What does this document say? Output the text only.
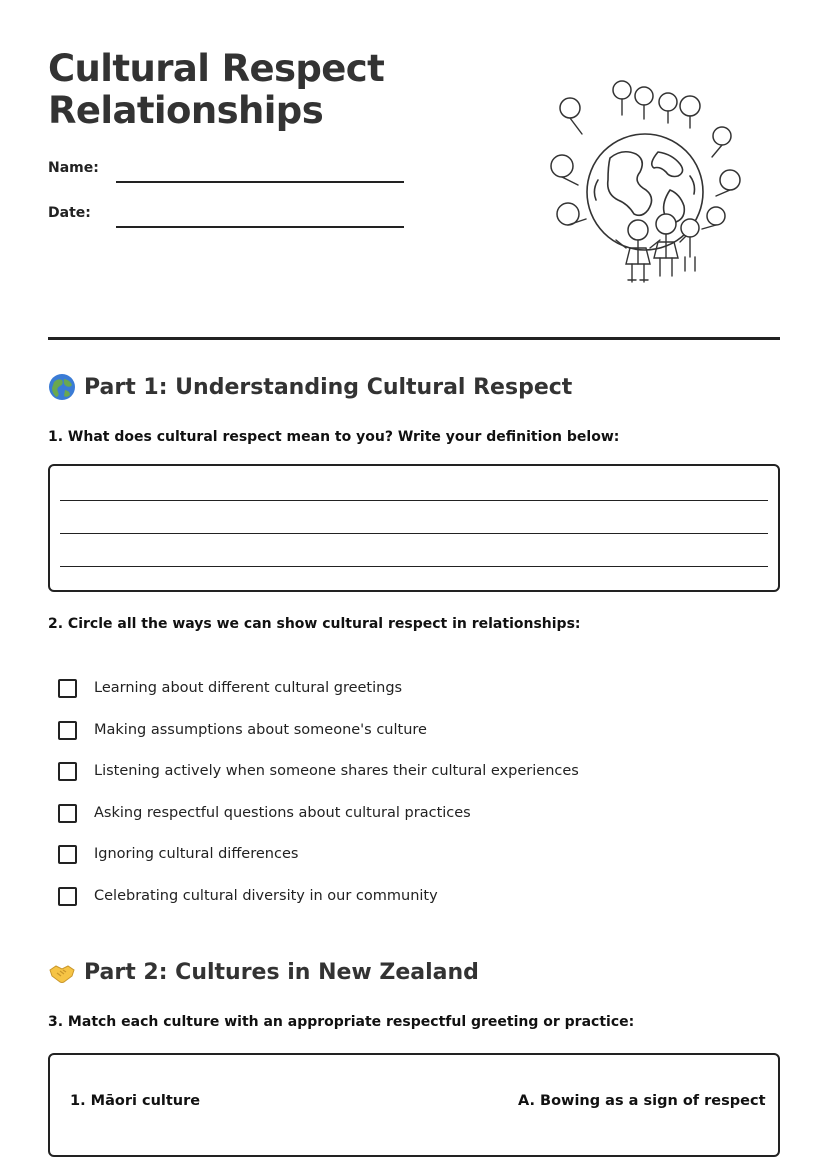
Cultural Respect Relationships
Name:
Date:
Part 1: Understanding Cultural Respect
1. What does cultural respect mean to you? Write your definition below:
2. Circle all the ways we can show cultural respect in relationships:
Learning about different cultural greetings
Making assumptions about someone's culture
Listening actively when someone shares their cultural experiences
Asking respectful questions about cultural practices
Ignoring cultural differences
Celebrating cultural diversity in our community
Part 2: Cultures in New Zealand
3. Match each culture with an appropriate respectful greeting or practice:
1. Māori culture	A. Bowing as a sign of respect
